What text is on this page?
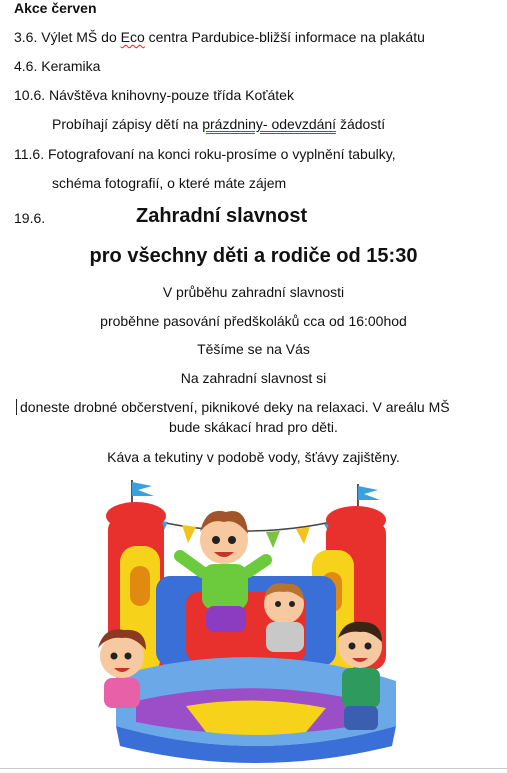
Akce červen
3.6. Výlet MŠ do Eco centra Pardubice-bližší informace na plakátu
4.6. Keramika
10.6. Návštěva knihovny-pouze třída Koťátek
Probíhají zápisy dětí na prázdniny- odevzdání žádostí
11.6. Fotografovaní na konci roku-prosíme o vyplnění tabulky,
schéma fotografií, o které máte zájem
19.6.	Zahradní slavnost
pro všechny děti a rodiče od 15:30
V průběhu zahradní slavnosti
proběhne pasování předškoláků cca od 16:00hod
Těšíme se na Vás
Na zahradní slavnost si
doneste drobné občerstvení, piknikové deky na relaxaci. V areálu MŠ
bude skákací hrad pro děti.
Káva a tekutiny v podobě vody, šťávy zajištěny.
